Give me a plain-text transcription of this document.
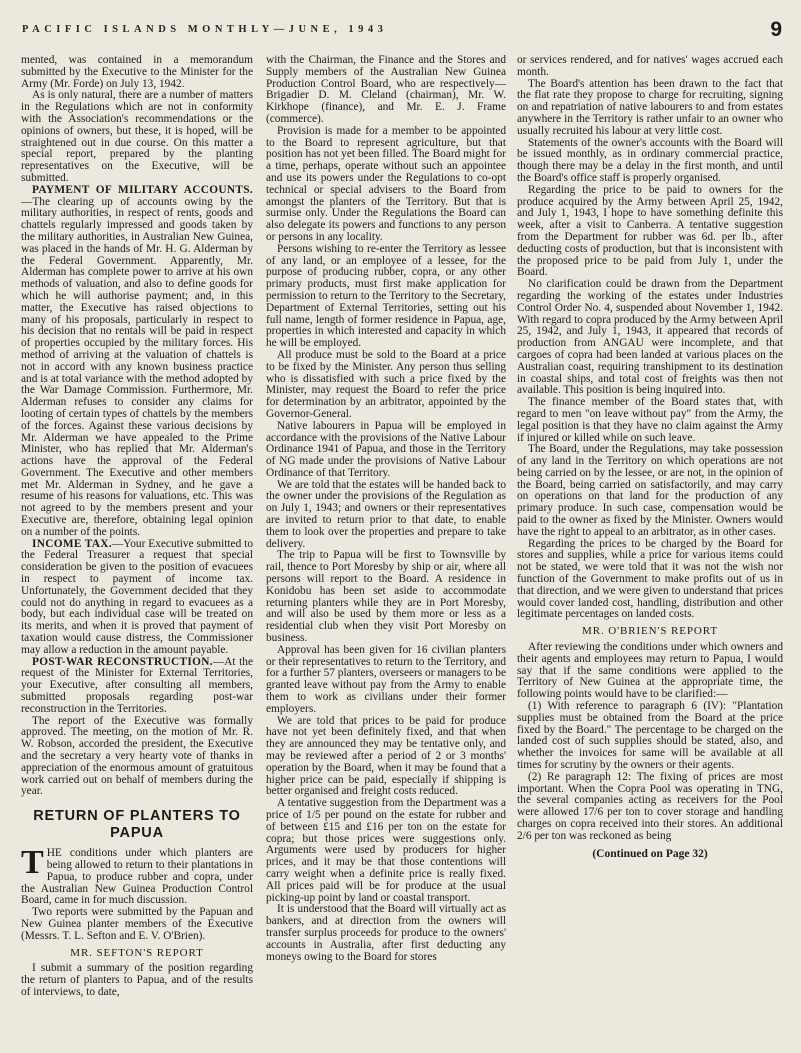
PACIFIC ISLANDS MONTHLY—JUNE, 1943	9

mented, was contained in a memorandum submitted by the Executive to the Minister for the Army (Mr. Forde) on July 13, 1942.

As is only natural, there are a number of matters in the Regulations which are not in conformity with the Association's recommendations or the opinions of owners, but these, it is hoped, will be straightened out in due course. On this matter a special report, prepared by the planting representatives on the Executive, will be submitted.

PAYMENT OF MILITARY ACCOUNTS.—The clearing up of accounts owing by the military authorities, in respect of rents, goods and chattels regularly impressed and goods taken by the military authorities, in Australian New Guinea, was placed in the hands of Mr. H. G. Alderman by the Federal Government. Apparently, Mr. Alderman has complete power to arrive at his own methods of valuation, and also to define goods for which he will authorise payment; and, in this matter, the Executive has raised objections to many of his proposals, particularly in respect to his decision that no rentals will be paid in respect of properties occupied by the military forces. His method of arriving at the valuation of chattels is not in accord with any known business practice and is at total variance with the method adopted by the War Damage Commission. Furthermore, Mr. Alderman refuses to consider any claims for looting of certain types of chattels by the members of the forces. Against these various decisions by Mr. Alderman we have appealed to the Prime Minister, who has replied that Mr. Alderman's actions have the approval of the Federal Government. The Executive and other members met Mr. Alderman in Sydney, and he gave a resume of his reasons for valuations, etc. This was not agreed to by the members present and your Executive are, therefore, obtaining legal opinion on a number of the points.

INCOME TAX.—Your Executive submitted to the Federal Treasurer a request that special consideration be given to the position of evacuees in respect to payment of income tax. Unfortunately, the Government decided that they could not do anything in regard to evacuees as a body, but each individual case will be treated on its merits, and when it is proved that payment of taxation would cause distress, the Commissioner may allow a reduction in the amount payable.

POST-WAR RECONSTRUCTION.—At the request of the Minister for External Territories, your Executive, after consulting all members, submitted proposals regarding post-war reconstruction in the Territories.

The report of the Executive was formally approved. The meeting, on the motion of Mr. R. W. Robson, accorded the president, the Executive and the secretary a very hearty vote of thanks in appreciation of the enormous amount of gratuitous work carried out on behalf of members during the year.

RETURN OF PLANTERS TO PAPUA

THE conditions under which planters are being allowed to return to their plantations in Papua, to produce rubber and copra, under the Australian New Guinea Production Control Board, came in for much discussion.

Two reports were submitted by the Papuan and New Guinea planter members of the Executive (Messrs. T. L. Sefton and E. V. O'Brien).

MR. SEFTON'S REPORT

I submit a summary of the position regarding the return of planters to Papua, and of the results of interviews, to date,

with the Chairman, the Finance and the Stores and Supply members of the Australian New Guinea Production Control Board, who are respectively—Brigadier D. M. Cleland (chairman), Mr. W. Kirkhope (finance), and Mr. E. J. Frame (commerce).

Provision is made for a member to be appointed to the Board to represent agriculture, but that position has not yet been filled. The Board might for a time, perhaps, operate without such an appointee and use its powers under the Regulations to co-opt technical or special advisers to the Board from amongst the planters of the Territory. But that is surmise only. Under the Regulations the Board can also delegate its powers and functions to any person or persons in any locality.

Persons wishing to re-enter the Territory as lessee of any land, or an employee of a lessee, for the purpose of producing rubber, copra, or any other primary products, must first make application for permission to return to the Territory to the Secretary, Department of External Territories, setting out his full name, length of former residence in Papua, age, properties in which interested and capacity in which he will be employed.

All produce must be sold to the Board at a price to be fixed by the Minister. Any person thus selling who is dissatisfied with such a price fixed by the Minister, may request the Board to refer the price for determination by an arbitrator, appointed by the Governor-General.

Native labourers in Papua will be employed in accordance with the provisions of the Native Labour Ordinance 1941 of Papua, and those in the Territory of NG made under the provisions of Native Labour Ordinance of that Territory.

We are told that the estates will be handed back to the owner under the provisions of the Regulation as on July 1, 1943; and owners or their representatives are invited to return prior to that date, to enable them to look over the properties and prepare to take delivery.

The trip to Papua will be first to Townsville by rail, thence to Port Moresby by ship or air, where all persons will report to the Board. A residence in Konidobu has been set aside to accommodate returning planters while they are in Port Moresby, and will also be used by them more or less as a residential club when they visit Port Moresby on business.

Approval has been given for 16 civilian planters or their representatives to return to the Territory, and for a further 57 planters, overseers or managers to be granted leave without pay from the Army to enable them to work as civilians under their former employers.

We are told that prices to be paid for produce have not yet been definitely fixed, and that when they are announced they may be tentative only, and may be reviewed after a period of 2 or 3 months' operation by the Board, when it may be found that a higher price can be paid, especially if shipping is better organised and freight costs reduced.

A tentative suggestion from the Department was a price of 1/5 per pound on the estate for rubber and of between £15 and £16 per ton on the estate for copra; but those prices were suggestions only. Arguments were used by producers for higher prices, and it may be that those contentions will carry weight when a definite price is really fixed. All prices paid will be for produce at the usual picking-up point by land or coastal transport.

It is understood that the Board will virtually act as bankers, and at direction from the owners will transfer surplus proceeds for produce to the owners' accounts in Australia, after first deducting any moneys owing to the Board for stores

or services rendered, and for natives' wages accrued each month.

The Board's attention has been drawn to the fact that the flat rate they propose to charge for recruiting, signing on and repatriation of native labourers to and from estates anywhere in the Territory is rather unfair to an owner who usually recruited his labour at very little cost.

Statements of the owner's accounts with the Board will be issued monthly, as in ordinary commercial practice, though there may be a delay in the first month, and until the Board's office staff is properly organised.

Regarding the price to be paid to owners for the produce acquired by the Army between April 25, 1942, and July 1, 1943, I hope to have something definite this week, after a visit to Canberra. A tentative suggestion from the Department for rubber was 6d. per lb., after deducting costs of production, but that is inconsistent with the proposed price to be paid from July 1, under the Board.

No clarification could be drawn from the Department regarding the working of the estates under Industries Control Order No. 4, suspended about November 1, 1942. With regard to copra produced by the Army between April 25, 1942, and July 1, 1943, it appeared that records of production from ANGAU were incomplete, and that cargoes of copra had been landed at various places on the Australian coast, requiring transhipment to its destination in coastal ships, and total cost of freights was then not available. This position is being inquired into.

The finance member of the Board states that, with regard to men "on leave without pay" from the Army, the legal position is that they have no claim against the Army if injured or killed while on such leave.

The Board, under the Regulations, may take possession of any land in the Territory on which operations are not being carried on by the lessee, or are not, in the opinion of the Board, being carried on satisfactorily, and may carry on operations on that land for the production of any primary produce. In such case, compensation would be paid to the owner as fixed by the Minister. Owners would have the right to appeal to an arbitrator, as in other cases.

Regarding the prices to be charged by the Board for stores and supplies, while a price for various items could not be stated, we were told that it was not the wish nor function of the Government to make profits out of us in that direction, and we were given to understand that prices would cover landed cost, handling, distribution and other legitimate percentages on landed costs.

MR. O'BRIEN'S REPORT

After reviewing the conditions under which owners and their agents and employees may return to Papua, I would say that if the same conditions were applied to the Territory of New Guinea at the appropriate time, the following points would have to be clarified:—

(1) With reference to paragraph 6 (IV): "Plantation supplies must be obtained from the Board at the price fixed by the Board." The percentage to be charged on the landed cost of such supplies should be stated, also, and whether the invoices for same will be available at all times for scrutiny by the owners or their agents.

(2) Re paragraph 12: The fixing of prices are most important. When the Copra Pool was operating in TNG, the several companies acting as receivers for the Pool were allowed 17/6 per ton to cover storage and handling charges on copra received into their stores. An additional 2/6 per ton was reckoned as being

(Continued on Page 32)
